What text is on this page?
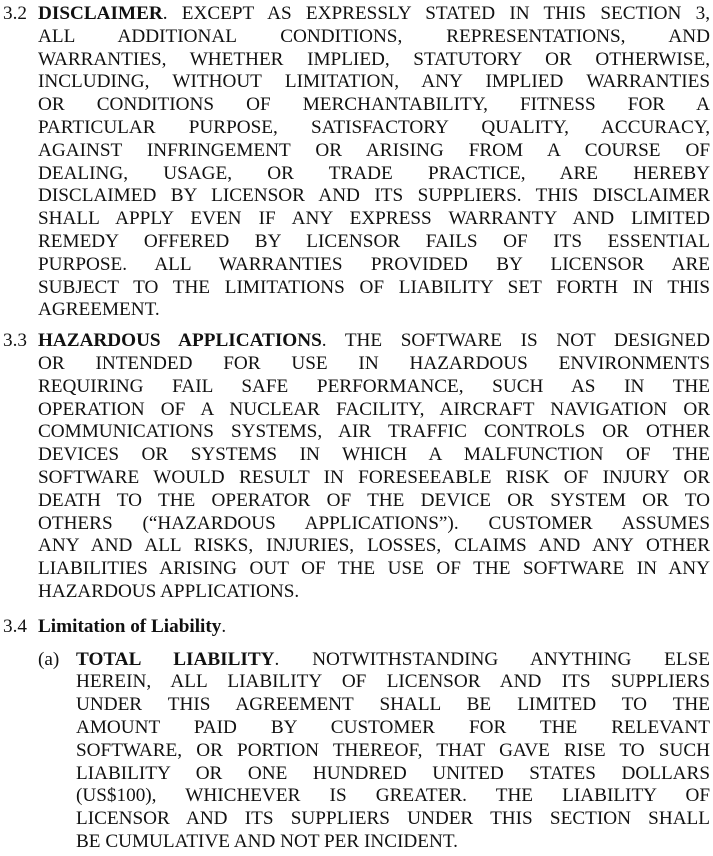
3.2 DISCLAIMER. EXCEPT AS EXPRESSLY STATED IN THIS SECTION 3,
ALL ADDITIONAL CONDITIONS, REPRESENTATIONS, AND
WARRANTIES, WHETHER IMPLIED, STATUTORY OR OTHERWISE,
INCLUDING, WITHOUT LIMITATION, ANY IMPLIED WARRANTIES
OR CONDITIONS OF MERCHANTABILITY, FITNESS FOR A
PARTICULAR PURPOSE, SATISFACTORY QUALITY, ACCURACY,
AGAINST INFRINGEMENT OR ARISING FROM A COURSE OF
DEALING, USAGE, OR TRADE PRACTICE, ARE HEREBY
DISCLAIMED BY LICENSOR AND ITS SUPPLIERS. THIS DISCLAIMER
SHALL APPLY EVEN IF ANY EXPRESS WARRANTY AND LIMITED
REMEDY OFFERED BY LICENSOR FAILS OF ITS ESSENTIAL
PURPOSE. ALL WARRANTIES PROVIDED BY LICENSOR ARE
SUBJECT TO THE LIMITATIONS OF LIABILITY SET FORTH IN THIS
AGREEMENT.
3.3 HAZARDOUS APPLICATIONS. THE SOFTWARE IS NOT DESIGNED
OR INTENDED FOR USE IN HAZARDOUS ENVIRONMENTS
REQUIRING FAIL SAFE PERFORMANCE, SUCH AS IN THE
OPERATION OF A NUCLEAR FACILITY, AIRCRAFT NAVIGATION OR
COMMUNICATIONS SYSTEMS, AIR TRAFFIC CONTROLS OR OTHER
DEVICES OR SYSTEMS IN WHICH A MALFUNCTION OF THE
SOFTWARE WOULD RESULT IN FORESEEABLE RISK OF INJURY OR
DEATH TO THE OPERATOR OF THE DEVICE OR SYSTEM OR TO
OTHERS (“HAZARDOUS APPLICATIONS”). CUSTOMER ASSUMES
ANY AND ALL RISKS, INJURIES, LOSSES, CLAIMS AND ANY OTHER
LIABILITIES ARISING OUT OF THE USE OF THE SOFTWARE IN ANY
HAZARDOUS APPLICATIONS.
3.4 Limitation of Liability.
(a) TOTAL LIABILITY. NOTWITHSTANDING ANYTHING ELSE
HEREIN, ALL LIABILITY OF LICENSOR AND ITS SUPPLIERS
UNDER THIS AGREEMENT SHALL BE LIMITED TO THE
AMOUNT PAID BY CUSTOMER FOR THE RELEVANT
SOFTWARE, OR PORTION THEREOF, THAT GAVE RISE TO SUCH
LIABILITY OR ONE HUNDRED UNITED STATES DOLLARS
(US$100), WHICHEVER IS GREATER. THE LIABILITY OF
LICENSOR AND ITS SUPPLIERS UNDER THIS SECTION SHALL
BE CUMULATIVE AND NOT PER INCIDENT.
